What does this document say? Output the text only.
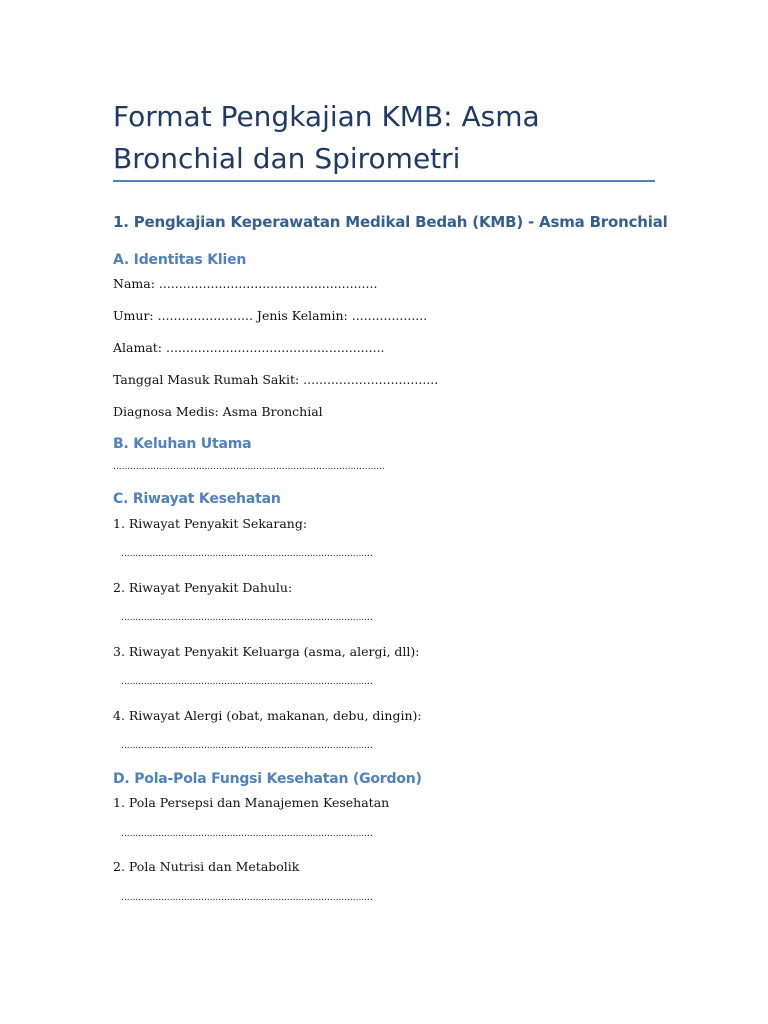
Format Pengkajian KMB: Asma
Bronchial dan Spirometri
1. Pengkajian Keperawatan Medikal Bedah (KMB) - Asma Bronchial
A. Identitas Klien

Nama: .......................................................

Umur: ........................ Jenis Kelamin: ...................

Alamat: .......................................................

Tanggal Masuk Rumah Sakit: ..................................

Diagnosa Medis: Asma Bronchial

B. Keluhan Utama

...............................................................................................

C. Riwayat Kesehatan

1. Riwayat Penyakit Sekarang:

........................................................................................

2. Riwayat Penyakit Dahulu:

........................................................................................

3. Riwayat Penyakit Keluarga (asma, alergi, dll):

........................................................................................

4. Riwayat Alergi (obat, makanan, debu, dingin):

........................................................................................

D. Pola-Pola Fungsi Kesehatan (Gordon)

1. Pola Persepsi dan Manajemen Kesehatan

........................................................................................

2. Pola Nutrisi dan Metabolik

........................................................................................
